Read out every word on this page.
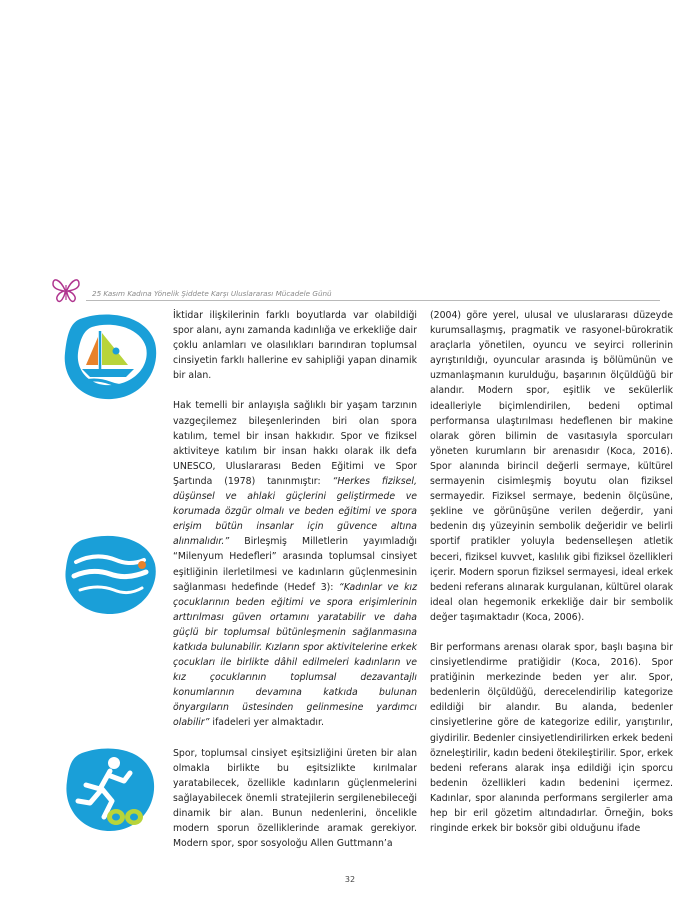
25 Kasım Kadına Yönelik Şiddete Karşı Uluslararası Mücadele Günü

İktidar ilişkilerinin farklı boyutlarda var olabildiği spor alanı, aynı zamanda kadınlığa ve erkekliğe dair çoklu anlamları ve olasılıkları barındıran toplumsal cinsiyetin farklı hallerine ev sahipliği yapan dinamik bir alan.

Hak temelli bir anlayışla sağlıklı bir yaşam tarzının vazgeçilemez bileşenlerinden biri olan spora katılım, temel bir insan hakkıdır. Spor ve fiziksel aktiviteye katılım bir insan hakkı olarak ilk defa UNESCO, Uluslararası Beden Eğitimi ve Spor Şartında (1978) tanınmıştır: “Herkes fiziksel, düşünsel ve ahlaki güçlerini geliştirmede ve korumada özgür olmalı ve beden eğitimi ve spora erişim bütün insanlar için güvence altına alınmalıdır.” Birleşmiş Milletlerin yayımladığı “Milenyum Hedefleri” arasında toplumsal cinsiyet eşitliğinin ilerletilmesi ve kadınların güçlenmesinin sağlanması hedefinde (Hedef 3): “Kadınlar ve kız çocuklarının beden eğitimi ve spora erişimlerinin arttırılması güven ortamını yaratabilir ve daha güçlü bir toplumsal bütünleşmenin sağlanmasına katkıda bulunabilir. Kızların spor aktivitelerine erkek çocukları ile birlikte dâhil edilmeleri kadınların ve kız çocuklarının toplumsal dezavantajlı konumlarının devamına katkıda bulunan önyargıların üstesinden gelinmesine yardımcı olabilir” ifadeleri yer almaktadır.

Spor, toplumsal cinsiyet eşitsizliğini üreten bir alan olmakla birlikte bu eşitsizlikte kırılmalar yaratabilecek, özellikle kadınların güçlenmelerini sağlayabilecek önemli stratejilerin sergilenebileceği dinamik bir alan. Bunun nedenlerini, öncelikle modern sporun özelliklerinde aramak gerekiyor. Modern spor, spor sosyoloğu Allen Guttmann’a

(2004) göre yerel, ulusal ve uluslararası düzeyde kurumsallaşmış, pragmatik ve rasyonel-bürokratik araçlarla yönetilen, oyuncu ve seyirci rollerinin ayrıştırıldığı, oyuncular arasında iş bölümünün ve uzmanlaşmanın kurulduğu, başarının ölçüldüğü bir alandır. Modern spor, eşitlik ve sekülerlik idealleriyle biçimlendirilen, bedeni optimal performansa ulaştırılması hedeflenen bir makine olarak gören bilimin de vasıtasıyla sporcuları yöneten kurumların bir arenasıdır (Koca, 2016). Spor alanında birincil değerli sermaye, kültürel sermayenin cisimleşmiş boyutu olan fiziksel sermayedir. Fiziksel sermaye, bedenin ölçüsüne, şekline ve görünüşüne verilen değerdir, yani bedenin dış yüzeyinin sembolik değeridir ve belirli sportif pratikler yoluyla bedenselleşen atletik beceri, fiziksel kuvvet, kaslılık gibi fiziksel özellikleri içerir. Modern sporun fiziksel sermayesi, ideal erkek bedeni referans alınarak kurgulanan, kültürel olarak ideal olan hegemonik erkekliğe dair bir sembolik değer taşımaktadır (Koca, 2006).

Bir performans arenası olarak spor, başlı başına bir cinsiyetlendirme pratiğidir (Koca, 2016). Spor pratiğinin merkezinde beden yer alır. Spor, bedenlerin ölçüldüğü, derecelendirilip kategorize edildiği bir alandır. Bu alanda, bedenler cinsiyetlerine göre de kategorize edilir, yarıştırılır, giydirilir. Bedenler cinsiyetlendirilirken erkek bedeni özneleştirilir, kadın bedeni ötekileştirilir. Spor, erkek bedeni referans alarak inşa edildiği için sporcu bedenin özellikleri kadın bedenini içermez. Kadınlar, spor alanında performans sergilerler ama hep bir eril gözetim altındadırlar. Örneğin, boks ringinde erkek bir boksör gibi olduğunu ifade

32
